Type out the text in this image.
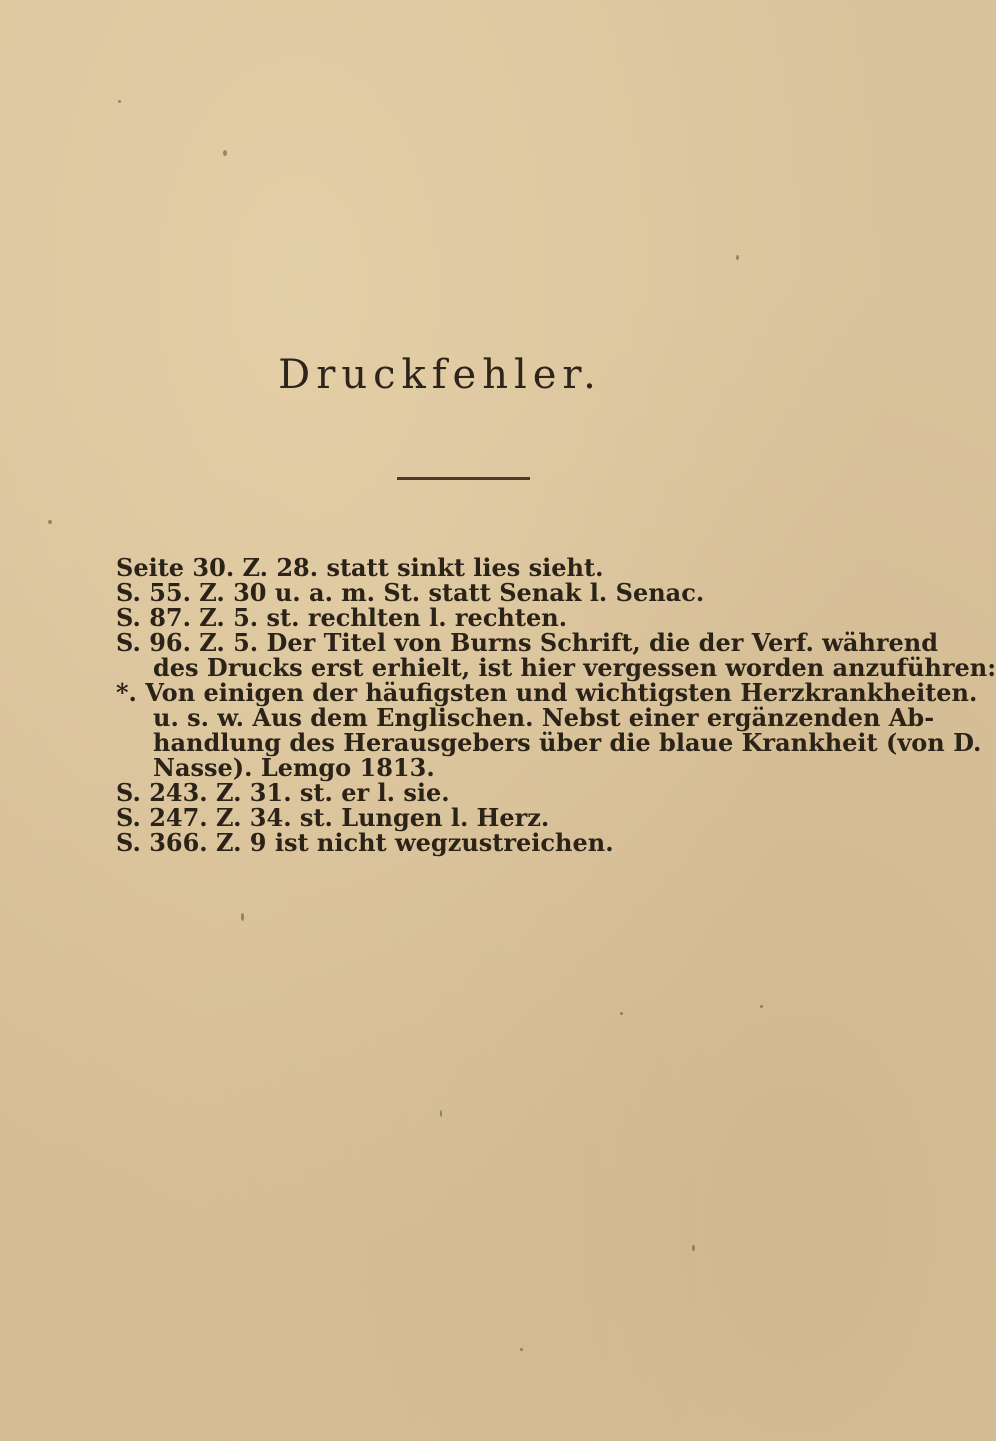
Druckfehler.
Seite 30. Z. 28. statt sinkt lies sieht.
S. 55. Z. 30 u. a. m. St. statt Senak l. Senac.
S. 87. Z. 5. st. rechlten l. rechten.
S. 96. Z. 5. Der Titel von Burns Schrift, die der Verf. während
des Drucks erst erhielt, ist hier vergessen worden anzuführen:
*. Von einigen der häufigsten und wichtigsten Herzkrankheiten.
u. s. w. Aus dem Englischen. Nebst einer ergänzenden Ab-
handlung des Herausgebers über die blaue Krankheit (von D.
Nasse). Lemgo 1813.
S. 243. Z. 31. st. er l. sie.
S. 247. Z. 34. st. Lungen l. Herz.
S. 366. Z. 9 ist nicht wegzustreichen.
